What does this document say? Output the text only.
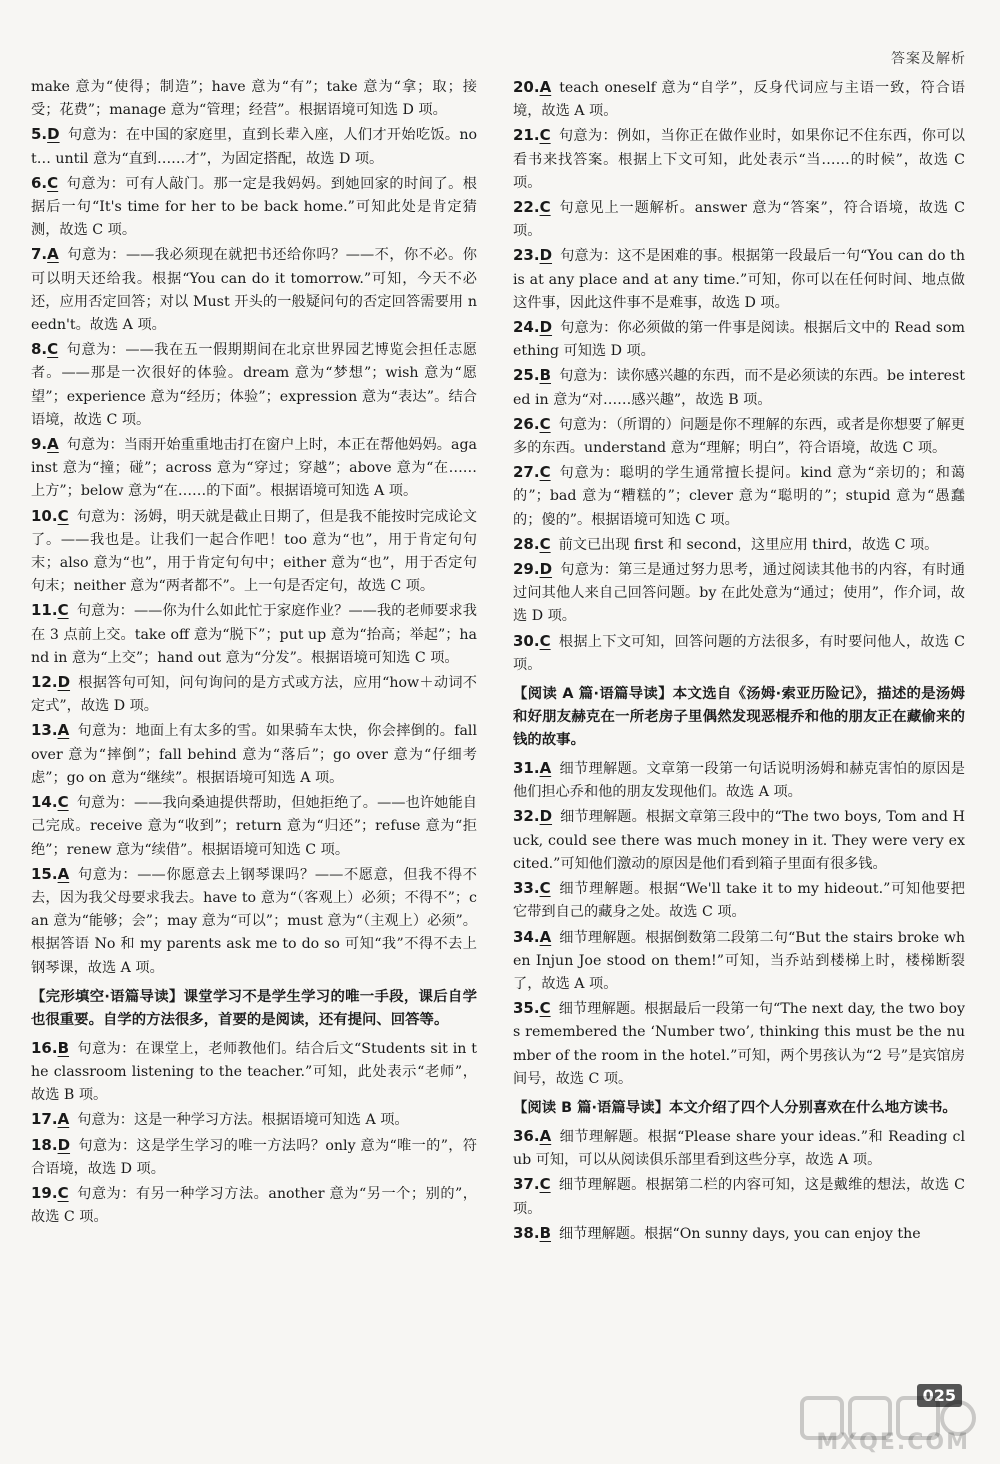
答案及解析
make 意为“使得；制造”；have 意为“有”；take 意为“拿；取；接受；花费”；manage 意为“管理；经营”。根据语境可知选 D 项。
5.D 句意为：在中国的家庭里，直到长辈入座，人们才开始吃饭。not… until 意为“直到……才”，为固定搭配，故选 D 项。
6.C 句意为：可有人敲门。那一定是我妈妈。到她回家的时间了。根据后一句“It's time for her to be back home.”可知此处是肯定猜测，故选 C 项。
7.A 句意为：——我必须现在就把书还给你吗？——不，你不必。你可以明天还给我。根据“You can do it tomorrow.”可知，今天不必还，应用否定回答；对以 Must 开头的一般疑问句的否定回答需要用 needn't。故选 A 项。
8.C 句意为：——我在五一假期期间在北京世界园艺博览会担任志愿者。——那是一次很好的体验。dream 意为“梦想”；wish 意为“愿望”；experience 意为“经历；体验”；expression 意为“表达”。结合语境，故选 C 项。
9.A 句意为：当雨开始重重地击打在窗户上时，本正在帮他妈妈。against 意为“撞；碰”；across 意为“穿过；穿越”；above 意为“在……上方”；below 意为“在……的下面”。根据语境可知选 A 项。
10.C 句意为：汤姆，明天就是截止日期了，但是我不能按时完成论文了。——我也是。让我们一起合作吧！too 意为“也”，用于肯定句句末；also 意为“也”，用于肯定句句中；either 意为“也”，用于否定句句末；neither 意为“两者都不”。上一句是否定句，故选 C 项。
11.C 句意为：——你为什么如此忙于家庭作业？——我的老师要求我在 3 点前上交。take off 意为“脱下”；put up 意为“抬高；举起”；hand in 意为“上交”；hand out 意为“分发”。根据语境可知选 C 项。
12.D 根据答句可知，问句询问的是方式或方法，应用“how＋动词不定式”，故选 D 项。
13.A 句意为：地面上有太多的雪。如果骑车太快，你会摔倒的。fall over 意为“摔倒”；fall behind 意为“落后”；go over 意为“仔细考虑”；go on 意为“继续”。根据语境可知选 A 项。
14.C 句意为：——我向桑迪提供帮助，但她拒绝了。——也许她能自己完成。receive 意为“收到”；return 意为“归还”；refuse 意为“拒绝”；renew 意为“续借”。根据语境可知选 C 项。
15.A 句意为：——你愿意去上钢琴课吗？——不愿意，但我不得不去，因为我父母要求我去。have to 意为“（客观上）必须；不得不”；can 意为“能够；会”；may 意为“可以”；must 意为“（主观上）必须”。根据答语 No 和 my parents ask me to do so 可知“我”不得不去上钢琴课，故选 A 项。
【完形填空·语篇导读】课堂学习不是学生学习的唯一手段，课后自学也很重要。自学的方法很多，首要的是阅读，还有提问、回答等。
16.B 句意为：在课堂上，老师教他们。结合后文“Students sit in the classroom listening to the teacher.”可知，此处表示“老师”，故选 B 项。
17.A 句意为：这是一种学习方法。根据语境可知选 A 项。
18.D 句意为：这是学生学习的唯一方法吗？only 意为“唯一的”，符合语境，故选 D 项。
19.C 句意为：有另一种学习方法。another 意为“另一个；别的”，故选 C 项。
20.A teach oneself 意为“自学”，反身代词应与主语一致，符合语境，故选 A 项。
21.C 句意为：例如，当你正在做作业时，如果你记不住东西，你可以看书来找答案。根据上下文可知，此处表示“当……的时候”，故选 C 项。
22.C 句意见上一题解析。answer 意为“答案”，符合语境，故选 C 项。
23.D 句意为：这不是困难的事。根据第一段最后一句“You can do this at any place and at any time.”可知，你可以在任何时间、地点做这件事，因此这件事不是难事，故选 D 项。
24.D 句意为：你必须做的第一件事是阅读。根据后文中的 Read something 可知选 D 项。
25.B 句意为：读你感兴趣的东西，而不是必须读的东西。be interested in 意为“对……感兴趣”，故选 B 项。
26.C 句意为：（所谓的）问题是你不理解的东西，或者是你想要了解更多的东西。understand 意为“理解；明白”，符合语境，故选 C 项。
27.C 句意为：聪明的学生通常擅长提问。kind 意为“亲切的；和蔼的”；bad 意为“糟糕的”；clever 意为“聪明的”；stupid 意为“愚蠢的；傻的”。根据语境可知选 C 项。
28.C 前文已出现 first 和 second，这里应用 third，故选 C 项。
29.D 句意为：第三是通过努力思考，通过阅读其他书的内容，有时通过问其他人来自己回答问题。by 在此处意为“通过；使用”，作介词，故选 D 项。
30.C 根据上下文可知，回答问题的方法很多，有时要问他人，故选 C 项。
【阅读 A 篇·语篇导读】本文选自《汤姆·索亚历险记》，描述的是汤姆和好朋友赫克在一所老房子里偶然发现恶棍乔和他的朋友正在藏偷来的钱的故事。
31.A 细节理解题。文章第一段第一句话说明汤姆和赫克害怕的原因是他们担心乔和他的朋友发现他们。故选 A 项。
32.D 细节理解题。根据文章第三段中的“The two boys, Tom and Huck, could see there was much money in it. They were very excited.”可知他们激动的原因是他们看到箱子里面有很多钱。
33.C 细节理解题。根据“We'll take it to my hideout.”可知他要把它带到自己的藏身之处。故选 C 项。
34.A 细节理解题。根据倒数第二段第二句“But the stairs broke when Injun Joe stood on them!”可知，当乔站到楼梯上时，楼梯断裂了，故选 A 项。
35.C 细节理解题。根据最后一段第一句“The next day, the two boys remembered the ‘Number two’, thinking this must be the number of the room in the hotel.”可知，两个男孩认为“2 号”是宾馆房间号，故选 C 项。
【阅读 B 篇·语篇导读】本文介绍了四个人分别喜欢在什么地方读书。
36.A 细节理解题。根据“Please share your ideas.”和 Reading club 可知，可以从阅读俱乐部里看到这些分享，故选 A 项。
37.C 细节理解题。根据第二栏的内容可知，这是戴维的想法，故选 C 项。
38.B 细节理解题。根据“On sunny days, you can enjoy the
025
MXQE.COM
